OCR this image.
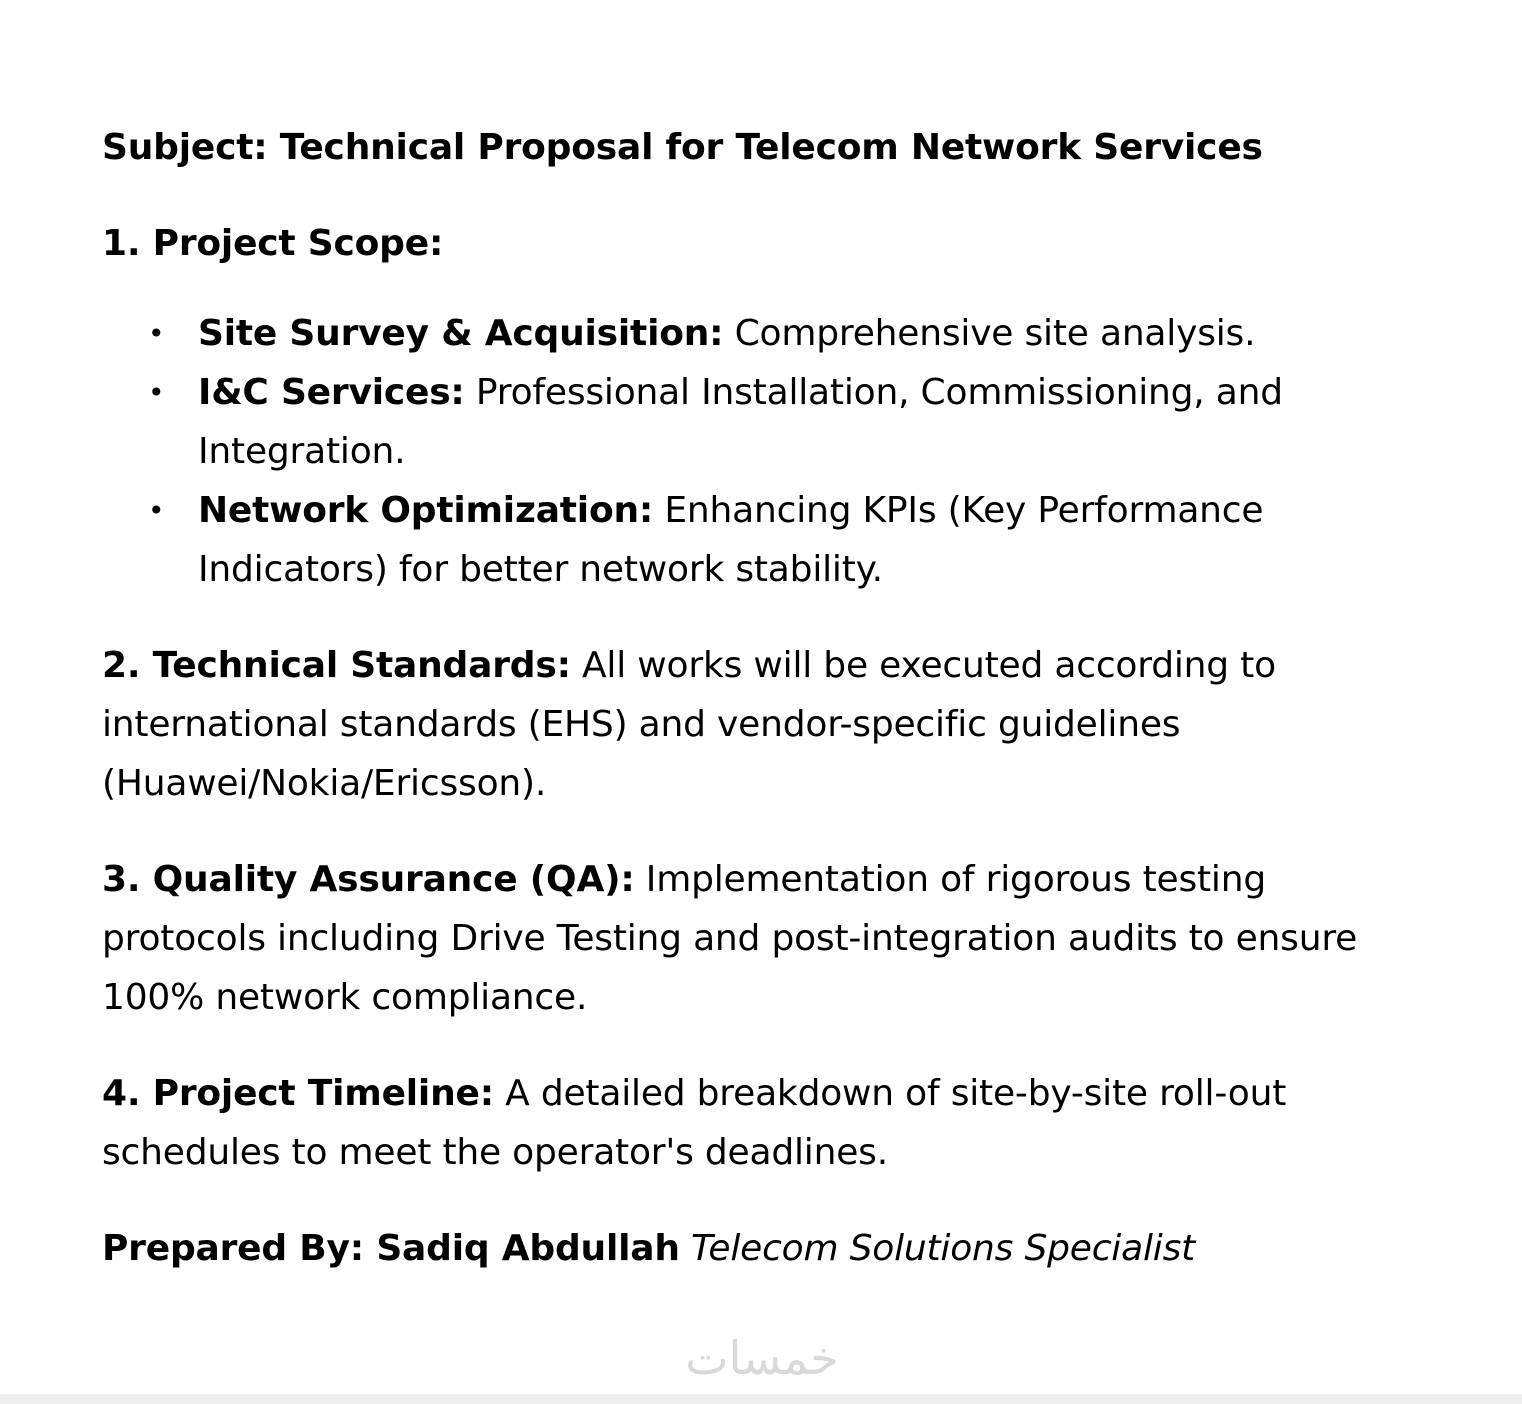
Subject: Technical Proposal for Telecom Network Services

1. Project Scope:

• Site Survey & Acquisition: Comprehensive site analysis.
• I&C Services: Professional Installation, Commissioning, and Integration.
• Network Optimization: Enhancing KPIs (Key Performance Indicators) for better network stability.

2. Technical Standards: All works will be executed according to international standards (EHS) and vendor-specific guidelines (Huawei/Nokia/Ericsson).

3. Quality Assurance (QA): Implementation of rigorous testing protocols including Drive Testing and post-integration audits to ensure 100% network compliance.

4. Project Timeline: A detailed breakdown of site-by-site roll-out schedules to meet the operator's deadlines.

Prepared By: Sadiq Abdullah Telecom Solutions Specialist

خمسات
